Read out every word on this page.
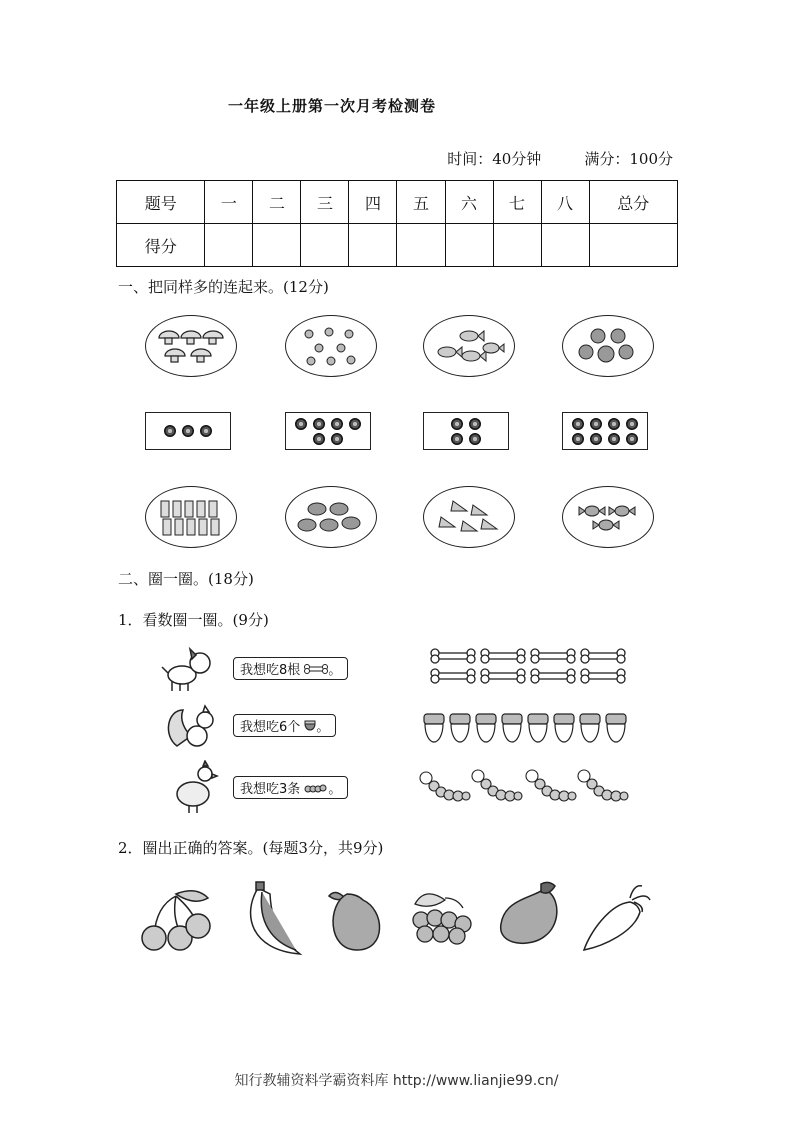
一年级上册第一次月考检测卷
时间：40分钟	满分：100分
题号	一	二	三	四	五	六	七	八	总分
得分									
一、把同样多的连起来。(12分)
二、圈一圈。(18分)
1．看数圈一圈。(9分)
我想吃8根 。
我想吃6个 。
我想吃3条 。
2．圈出正确的答案。(每题3分，共9分)
知行教辅资料学霸资料库 http://www.lianjie99.cn/
